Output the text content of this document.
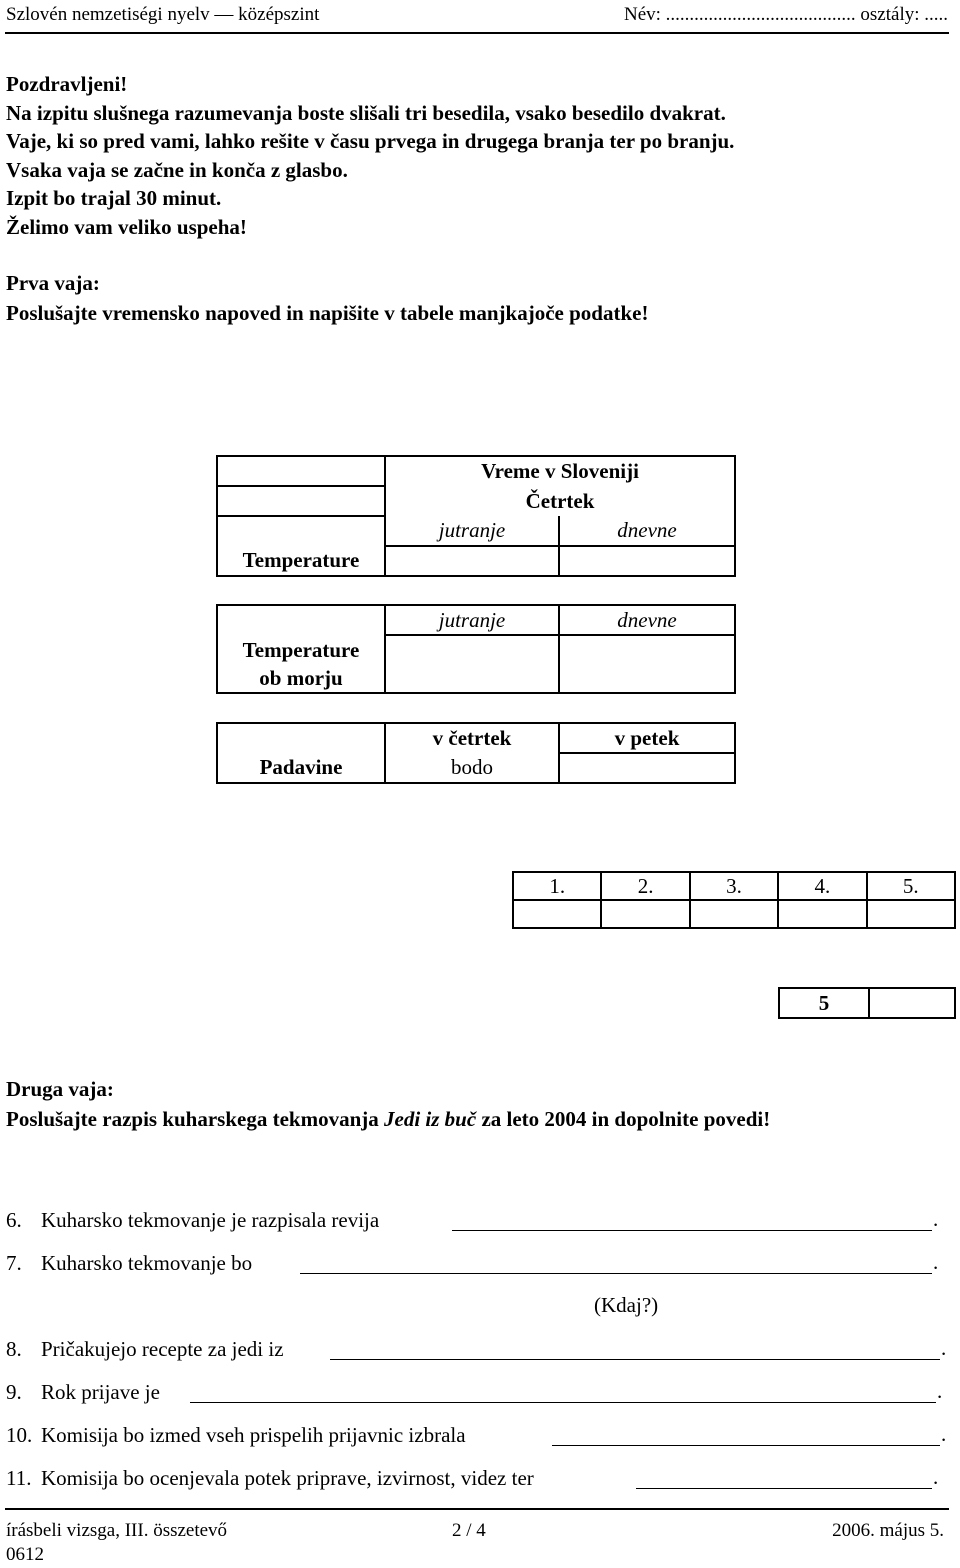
Szlovén nemzetiségi nyelv — középszint	Név: ........................................ osztály: .....
Pozdravljeni!
Na izpitu slušnega razumevanja boste slišali tri besedila, vsako besedilo dvakrat.
Vaje, ki so pred vami, lahko rešite v času prvega in drugega branja ter po branju.
Vsaka vaja se začne in konča z glasbo.
Izpit bo trajal 30 minut.
Želimo vam veliko uspeha!
Prva vaja:
Poslušajte vremensko napoved in napišite v tabele manjkajoče podatke!
	Vreme v Sloveniji	
	Četrtek	
	jutranje	dnevne
Temperature		
	jutranje	dnevne

Temperature
ob morju		

	v četrtek	v petek
Padavine	bodo	
1.	2.	3.	4.	5.

5	
Druga vaja:
Poslušajte razpis kuharskega tekmovanja Jedi iz buč za leto 2004 in dopolnite povedi!
6. Kuharsko tekmovanje je razpisala revija	.
7. Kuharsko tekmovanje bo	.
(Kdaj?)
8. Pričakujejo recepte za jedi iz	.
9. Rok prijave je	.
10. Komisija bo izmed vseh prispelih prijavnic izbrala	.
11. Komisija bo ocenjevala potek priprave, izvirnost, videz ter	.
írásbeli vizsga, III. összetevő
0612
2 / 4	2006. május 5.
